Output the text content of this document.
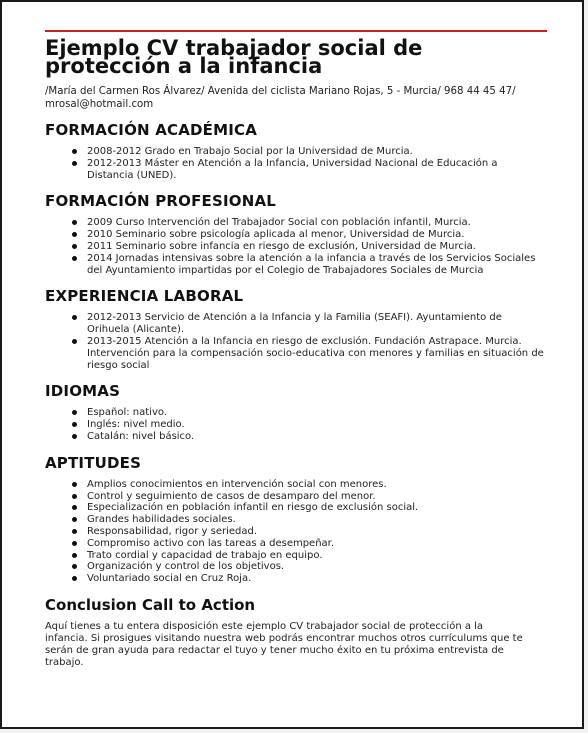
Ejemplo CV trabajador social de protección a la infancia
/María del Carmen Ros Álvarez/ Avenida del ciclista Mariano Rojas, 5 - Murcia/ 968 44 45 47/ mrosal@hotmail.com
FORMACIÓN ACADÉMICA
2008-2012 Grado en Trabajo Social por la Universidad de Murcia.
2012-2013 Máster en Atención a la Infancia, Universidad Nacional de Educación a Distancia (UNED).
FORMACIÓN PROFESIONAL
2009 Curso Intervención del Trabajador Social con población infantil, Murcia.
2010 Seminario sobre psicología aplicada al menor, Universidad de Murcia.
2011 Seminario sobre infancia en riesgo de exclusión, Universidad de Murcia.
2014 Jornadas intensivas sobre la atención a la infancia a través de los Servicios Sociales del Ayuntamiento impartidas por el Colegio de Trabajadores Sociales de Murcia
EXPERIENCIA LABORAL
2012-2013 Servicio de Atención a la Infancia y la Familia (SEAFI). Ayuntamiento de Orihuela (Alicante).
2013-2015 Atención a la Infancia en riesgo de exclusión. Fundación Astrapace. Murcia. Intervención para la compensación socio-educativa con menores y familias en situación de riesgo social
IDIOMAS
Español: nativo.
Inglés: nivel medio.
Catalán: nivel básico.
APTITUDES
Amplios conocimientos en intervención social con menores.
Control y seguimiento de casos de desamparo del menor.
Especialización en población infantil en riesgo de exclusión social.
Grandes habilidades sociales.
Responsabilidad, rigor y seriedad.
Compromiso activo con las tareas a desempeñar.
Trato cordial y capacidad de trabajo en equipo.
Organización y control de los objetivos.
Voluntariado social en Cruz Roja.
Conclusion Call to Action

Aquí tienes a tu entera disposición este ejemplo CV trabajador social de protección a la infancia. Si prosigues visitando nuestra web podrás encontrar muchos otros currículums que te serán de gran ayuda para redactar el tuyo y tener mucho éxito en tu próxima entrevista de trabajo.
